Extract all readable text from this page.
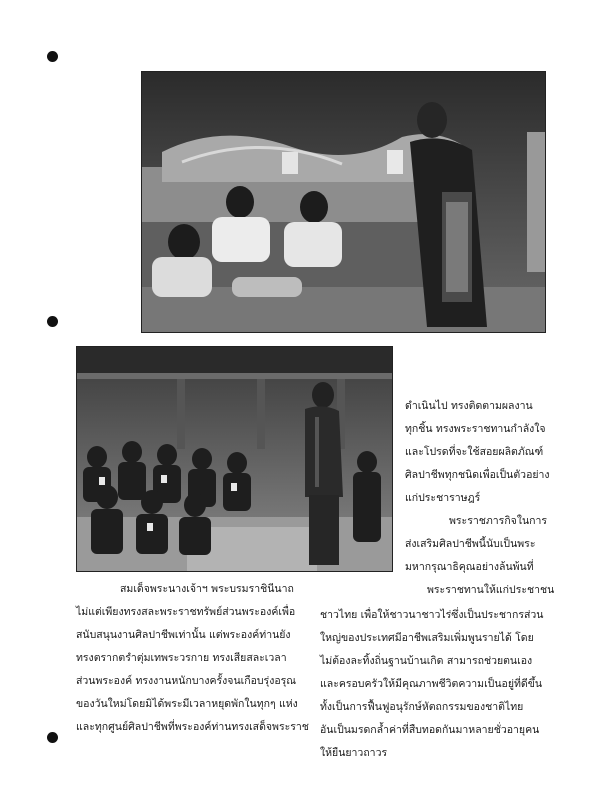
ดำเนินไป ทรงติดตามผลงาน
ทุกชิ้น ทรงพระราชทานกำลังใจ
และโปรดที่จะใช้สอยผลิตภัณฑ์
ศิลปาชีพทุกชนิดเพื่อเป็นตัวอย่าง
แก่ประชาราษฎร์
พระราชภารกิจในการ
ส่งเสริมศิลปาชีพนี้นับเป็นพระ
มหากรุณาธิคุณอย่างล้นพ้นที่
พระราชทานให้แก่ประชาชน
ชาวไทย เพื่อให้ชาวนาชาวไร่ซึ่งเป็นประชากรส่วน
ใหญ่ของประเทศมีอาชีพเสริมเพิ่มพูนรายได้ โดย
ไม่ต้องละทิ้งถิ่นฐานบ้านเกิด สามารถช่วยตนเอง
และครอบครัวให้มีคุณภาพชีวิตความเป็นอยู่ที่ดีขึ้น
ทั้งเป็นการฟื้นฟูอนุรักษ์หัตถกรรมของชาติไทย
อันเป็นมรดกล้ำค่าที่สืบทอดกันมาหลายชั่วอายุคน
ให้ยืนยาวถาวร
สมเด็จพระนางเจ้าฯ พระบรมราชินีนาถ
ไม่แต่เพียงทรงสละพระราชทรัพย์ส่วนพระองค์เพื่อ
สนับสนุนงานศิลปาชีพเท่านั้น แต่พระองค์ท่านยัง
ทรงตรากตรำตุ่มเทพระวรกาย ทรงเสียสละเวลา
ส่วนพระองค์ ทรงงานหนักบางครั้งจนเกือบรุ่งอรุณ
ของวันใหม่โดยมิได้พระมีเวลาหยุดพักในทุกๆ แห่ง
และทุกศูนย์ศิลปาชีพที่พระองค์ท่านทรงเสด็จพระราช
